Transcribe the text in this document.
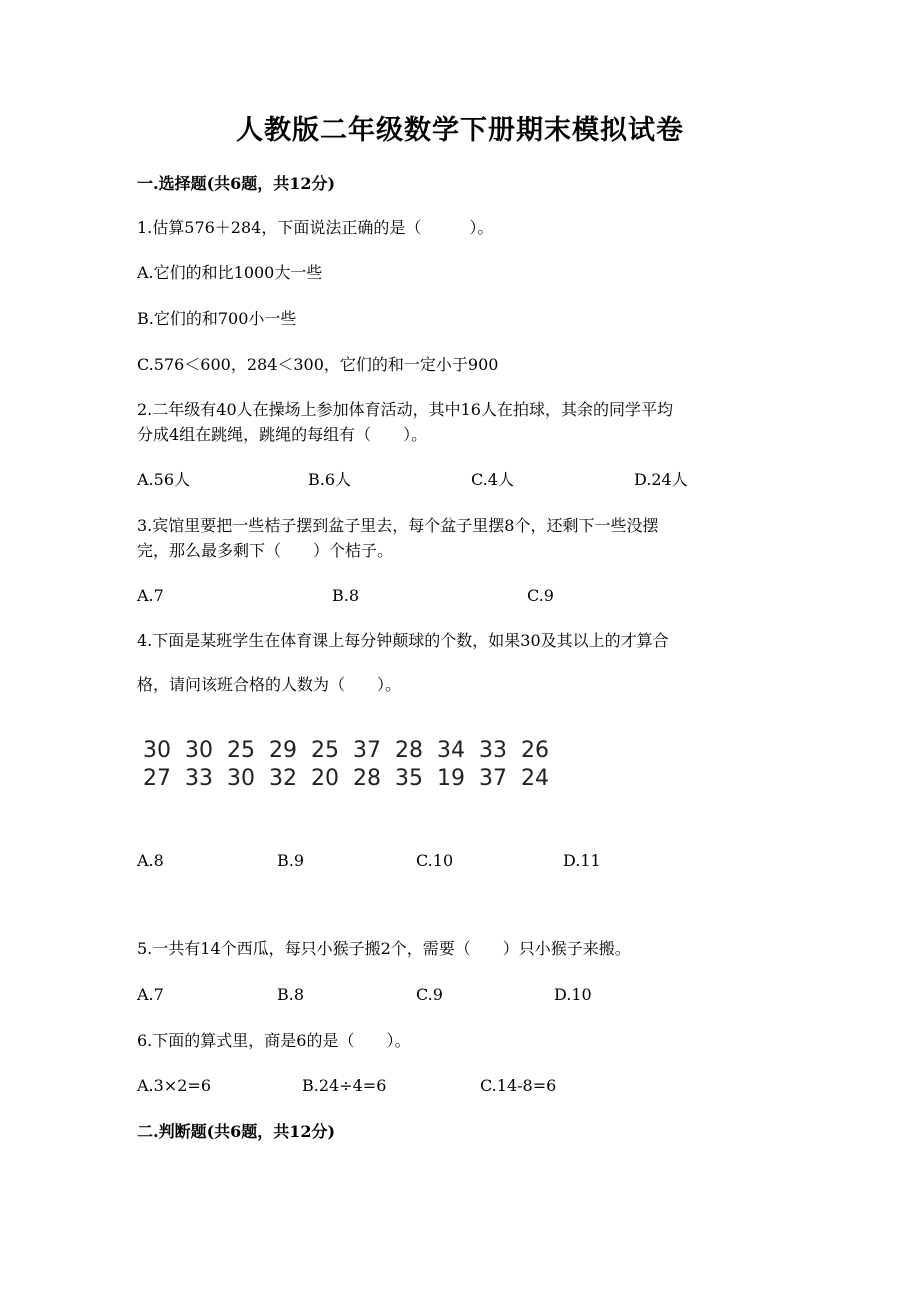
人教版二年级数学下册期末模拟试卷
一.选择题(共6题，共12分)
1.估算576＋284，下面说法正确的是（　　　）。
A.它们的和比1000大一些
B.它们的和700小一些
C.576＜600，284＜300，它们的和一定小于900
2.二年级有40人在操场上参加体育活动，其中16人在拍球，其余的同学平均
分成4组在跳绳，跳绳的每组有（　　）。
A.56人	B.6人	C.4人	D.24人
3.宾馆里要把一些桔子摆到盆子里去，每个盆子里摆8个，还剩下一些没摆
完，那么最多剩下（　　）个桔子。
A.7	B.8	C.9
4.下面是某班学生在体育课上每分钟颠球的个数，如果30及其以上的才算合
格，请问该班合格的人数为（　　）。
30 30 25 29 25 37 28 34 33 26
27 33 30 32 20 28 35 19 37 24
A.8	B.9	C.10	D.11
5.一共有14个西瓜，每只小猴子搬2个，需要（　　）只小猴子来搬。
A.7	B.8	C.9	D.10
6.下面的算式里，商是6的是（　　）。
A.3×2=6	B.24÷4=6	C.14-8=6
二.判断题(共6题，共12分)
